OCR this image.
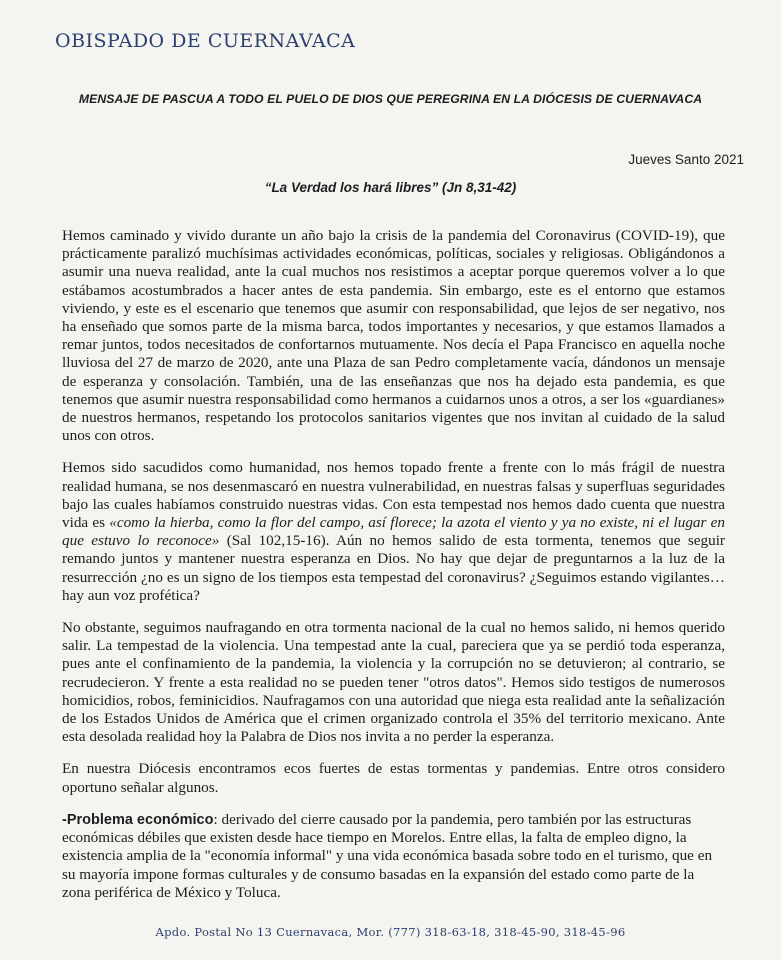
OBISPADO DE CUERNAVACA
MENSAJE DE PASCUA A TODO EL PUELO DE DIOS QUE PEREGRINA EN LA DIÓCESIS DE CUERNAVACA
Jueves Santo 2021
“La Verdad los hará libres” (Jn 8,31-42)

Hemos caminado y vivido durante un año bajo la crisis de la pandemia del Coronavirus (COVID-19), que prácticamente paralizó muchísimas actividades económicas, políticas, sociales y religiosas. Obligándonos a asumir una nueva realidad, ante la cual muchos nos resistimos a aceptar porque queremos volver a lo que estábamos acostumbrados a hacer antes de esta pandemia. Sin embargo, este es el entorno que estamos viviendo, y este es el escenario que tenemos que asumir con responsabilidad, que lejos de ser negativo, nos ha enseñado que somos parte de la misma barca, todos importantes y necesarios, y que estamos llamados a remar juntos, todos necesitados de confortarnos mutuamente. Nos decía el Papa Francisco en aquella noche lluviosa del 27 de marzo de 2020, ante una Plaza de san Pedro completamente vacía, dándonos un mensaje de esperanza y consolación. También, una de las enseñanzas que nos ha dejado esta pandemia, es que tenemos que asumir nuestra responsabilidad como hermanos a cuidarnos unos a otros, a ser los «guardianes» de nuestros hermanos, respetando los protocolos sanitarios vigentes que nos invitan al cuidado de la salud unos con otros.

Hemos sido sacudidos como humanidad, nos hemos topado frente a frente con lo más frágil de nuestra realidad humana, se nos desenmascaró en nuestra vulnerabilidad, en nuestras falsas y superfluas seguridades bajo las cuales habíamos construido nuestras vidas. Con esta tempestad nos hemos dado cuenta que nuestra vida es «como la hierba, como la flor del campo, así florece; la azota el viento y ya no existe, ni el lugar en que estuvo lo reconoce» (Sal 102,15-16). Aún no hemos salido de esta tormenta, tenemos que seguir remando juntos y mantener nuestra esperanza en Dios. No hay que dejar de preguntarnos a la luz de la resurrección ¿no es un signo de los tiempos esta tempestad del coronavirus? ¿Seguimos estando vigilantes… hay aun voz profética?

No obstante, seguimos naufragando en otra tormenta nacional de la cual no hemos salido, ni hemos querido salir. La tempestad de la violencia. Una tempestad ante la cual, pareciera que ya se perdió toda esperanza, pues ante el confinamiento de la pandemia, la violencia y la corrupción no se detuvieron; al contrario, se recrudecieron. Y frente a esta realidad no se pueden tener "otros datos". Hemos sido testigos de numerosos homicidios, robos, feminicidios. Naufragamos con una autoridad que niega esta realidad ante la señalización de los Estados Unidos de América que el crimen organizado controla el 35% del territorio mexicano. Ante esta desolada realidad hoy la Palabra de Dios nos invita a no perder la esperanza.

En nuestra Diócesis encontramos ecos fuertes de estas tormentas y pandemias. Entre otros considero oportuno señalar algunos.

-Problema económico: derivado del cierre causado por la pandemia, pero también por las estructuras económicas débiles que existen desde hace tiempo en Morelos. Entre ellas, la falta de empleo digno, la existencia amplia de la "economía informal" y una vida económica basada sobre todo en el turismo, que en su mayoría impone formas culturales y de consumo basadas en la expansión del estado como parte de la zona periférica de México y Toluca.

Apdo. Postal No 13 Cuernavaca, Mor. (777) 318-63-18, 318-45-90, 318-45-96
